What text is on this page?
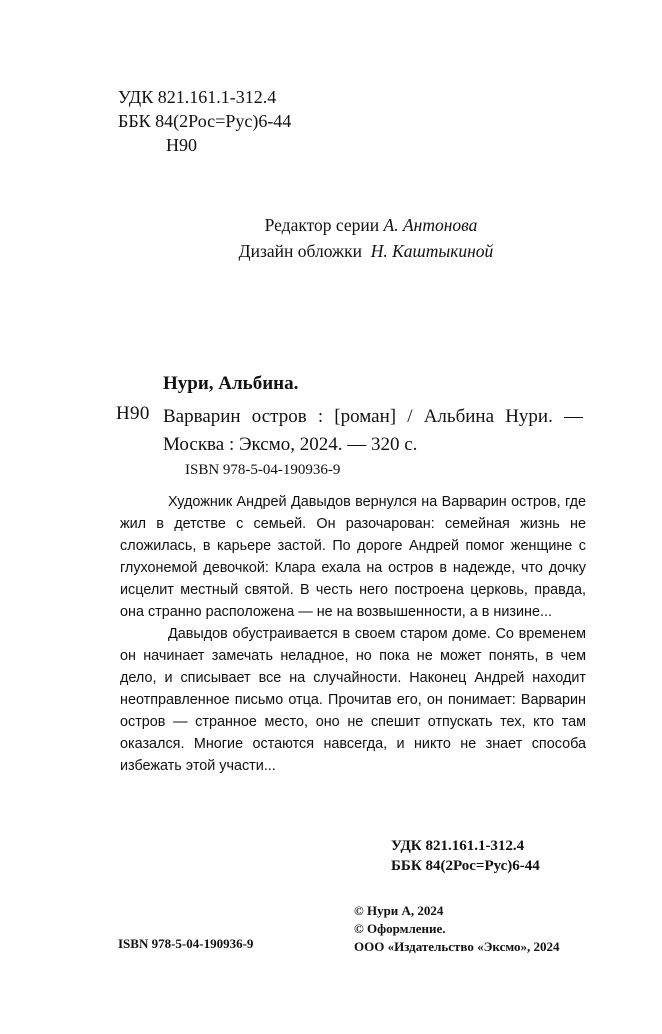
УДК 821.161.1-312.4
ББК 84(2Рос=Рус)6-44
Н90
Редактор серии А. Антонова
Дизайн обложки Н. Каштыкиной
Нури, Альбина.
Н90 Варварин остров : [роман] / Альбина Нури. — Москва : Эксмо, 2024. — 320 с.
ISBN 978-5-04-190936-9

Художник Андрей Давыдов вернулся на Варварин остров, где жил в детстве с семьей. Он разочарован: семейная жизнь не сложилась, в карьере застой. По дороге Андрей помог женщине с глухонемой девочкой: Клара ехала на остров в надежде, что дочку исцелит местный святой. В честь него построена церковь, правда, она странно расположена — не на возвышенности, а в низине...

Давыдов обустраивается в своем старом доме. Со временем он начинает замечать неладное, но пока не может понять, в чем дело, и списывает все на случайности. Наконец Андрей находит неотправленное письмо отца. Прочитав его, он понимает: Варварин остров — странное место, оно не спешит отпускать тех, кто там оказался. Многие остаются навсегда, и никто не знает способа избежать этой участи...

УДК 821.161.1-312.4
ББК 84(2Рос=Рус)6-44
© Нури А, 2024
© Оформление.
ООО «Издательство «Эксмо», 2024
ISBN 978-5-04-190936-9
